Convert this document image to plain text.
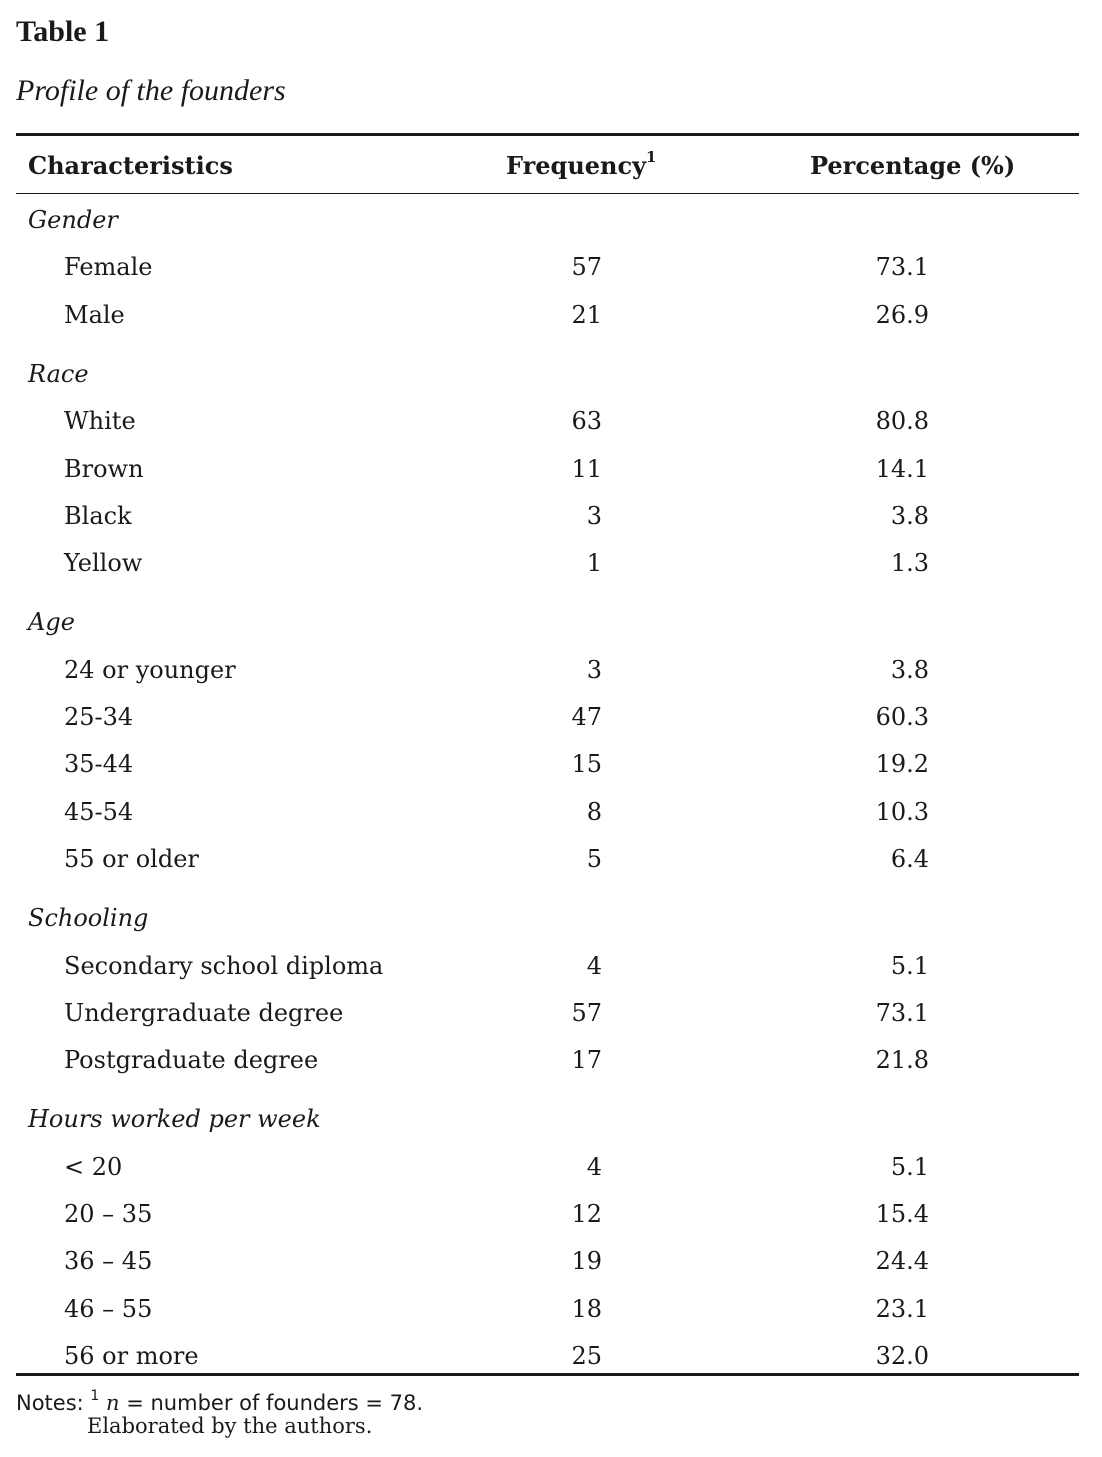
Table 1
Profile of the founders
Characteristics	Frequency$^1$	Percentage (%)
Gender
Female	57	73.1
Male	21	26.9
Race
White	63	80.8
Brown	11	14.1
Black	3	3.8
Yellow	1	1.3
Age
24 or younger	3	3.8
25-34	47	60.3
35-44	15	19.2
45-54	8	10.3
55 or older	5	6.4
Schooling
Secondary school diploma	4	5.1
Undergraduate degree	57	73.1
Postgraduate degree	17	21.8
Hours worked per week
< 20	4	5.1
20 – 35	12	15.4
36 – 45	19	24.4
46 – 55	18	23.1
56 or more	25	32.0
Notes: $^1$ n = number of founders = 78.
Elaborated by the authors.
